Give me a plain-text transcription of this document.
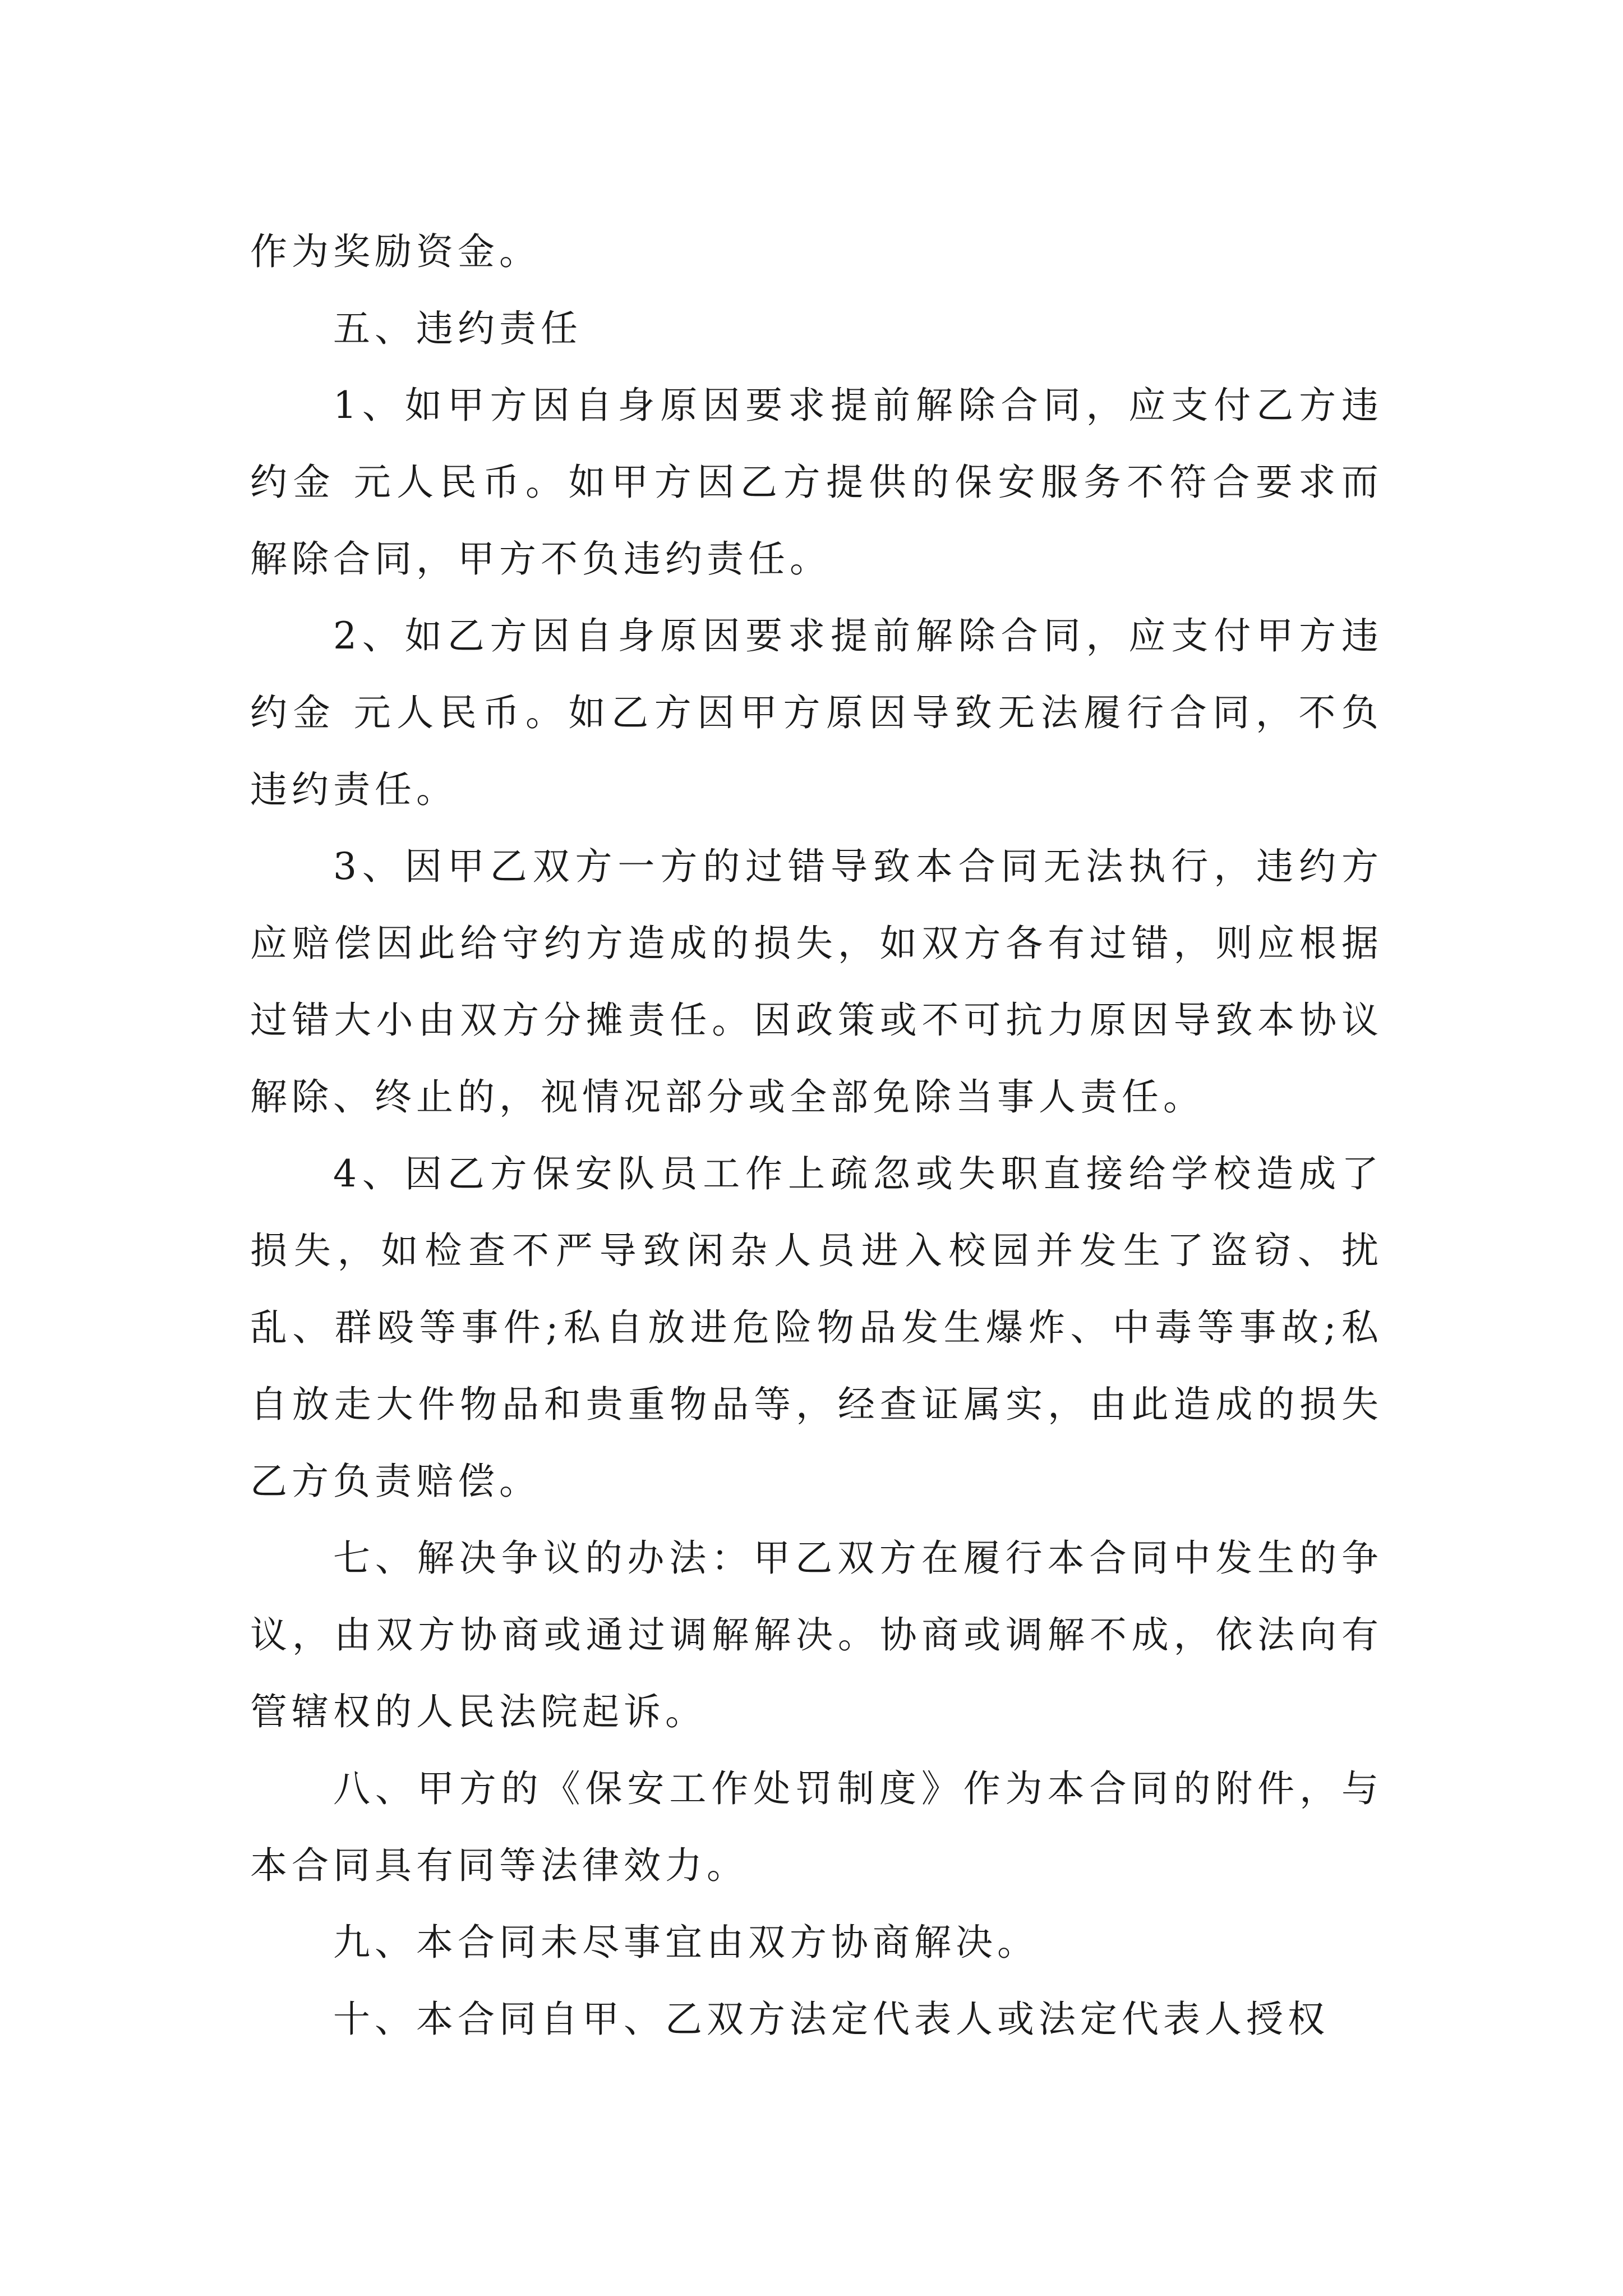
作为奖励资金。

五、违约责任

1、如甲方因自身原因要求提前解除合同，应支付乙方违约金 元人民币。如甲方因乙方提供的保安服务不符合要求而解除合同，甲方不负违约责任。

2、如乙方因自身原因要求提前解除合同，应支付甲方违约金 元人民币。如乙方因甲方原因导致无法履行合同，不负违约责任。

3、因甲乙双方一方的过错导致本合同无法执行，违约方应赔偿因此给守约方造成的损失，如双方各有过错，则应根据过错大小由双方分摊责任。因政策或不可抗力原因导致本协议解除、终止的，视情况部分或全部免除当事人责任。

4、因乙方保安队员工作上疏忽或失职直接给学校造成了损失，如检查不严导致闲杂人员进入校园并发生了盗窃、扰乱、群殴等事件;私自放进危险物品发生爆炸、中毒等事故;私自放走大件物品和贵重物品等，经查证属实，由此造成的损失乙方负责赔偿。

七、解决争议的办法：甲乙双方在履行本合同中发生的争议，由双方协商或通过调解解决。协商或调解不成，依法向有管辖权的人民法院起诉。

八、甲方的《保安工作处罚制度》作为本合同的附件，与本合同具有同等法律效力。

九、本合同未尽事宜由双方协商解决。

十、本合同自甲、乙双方法定代表人或法定代表人授权
